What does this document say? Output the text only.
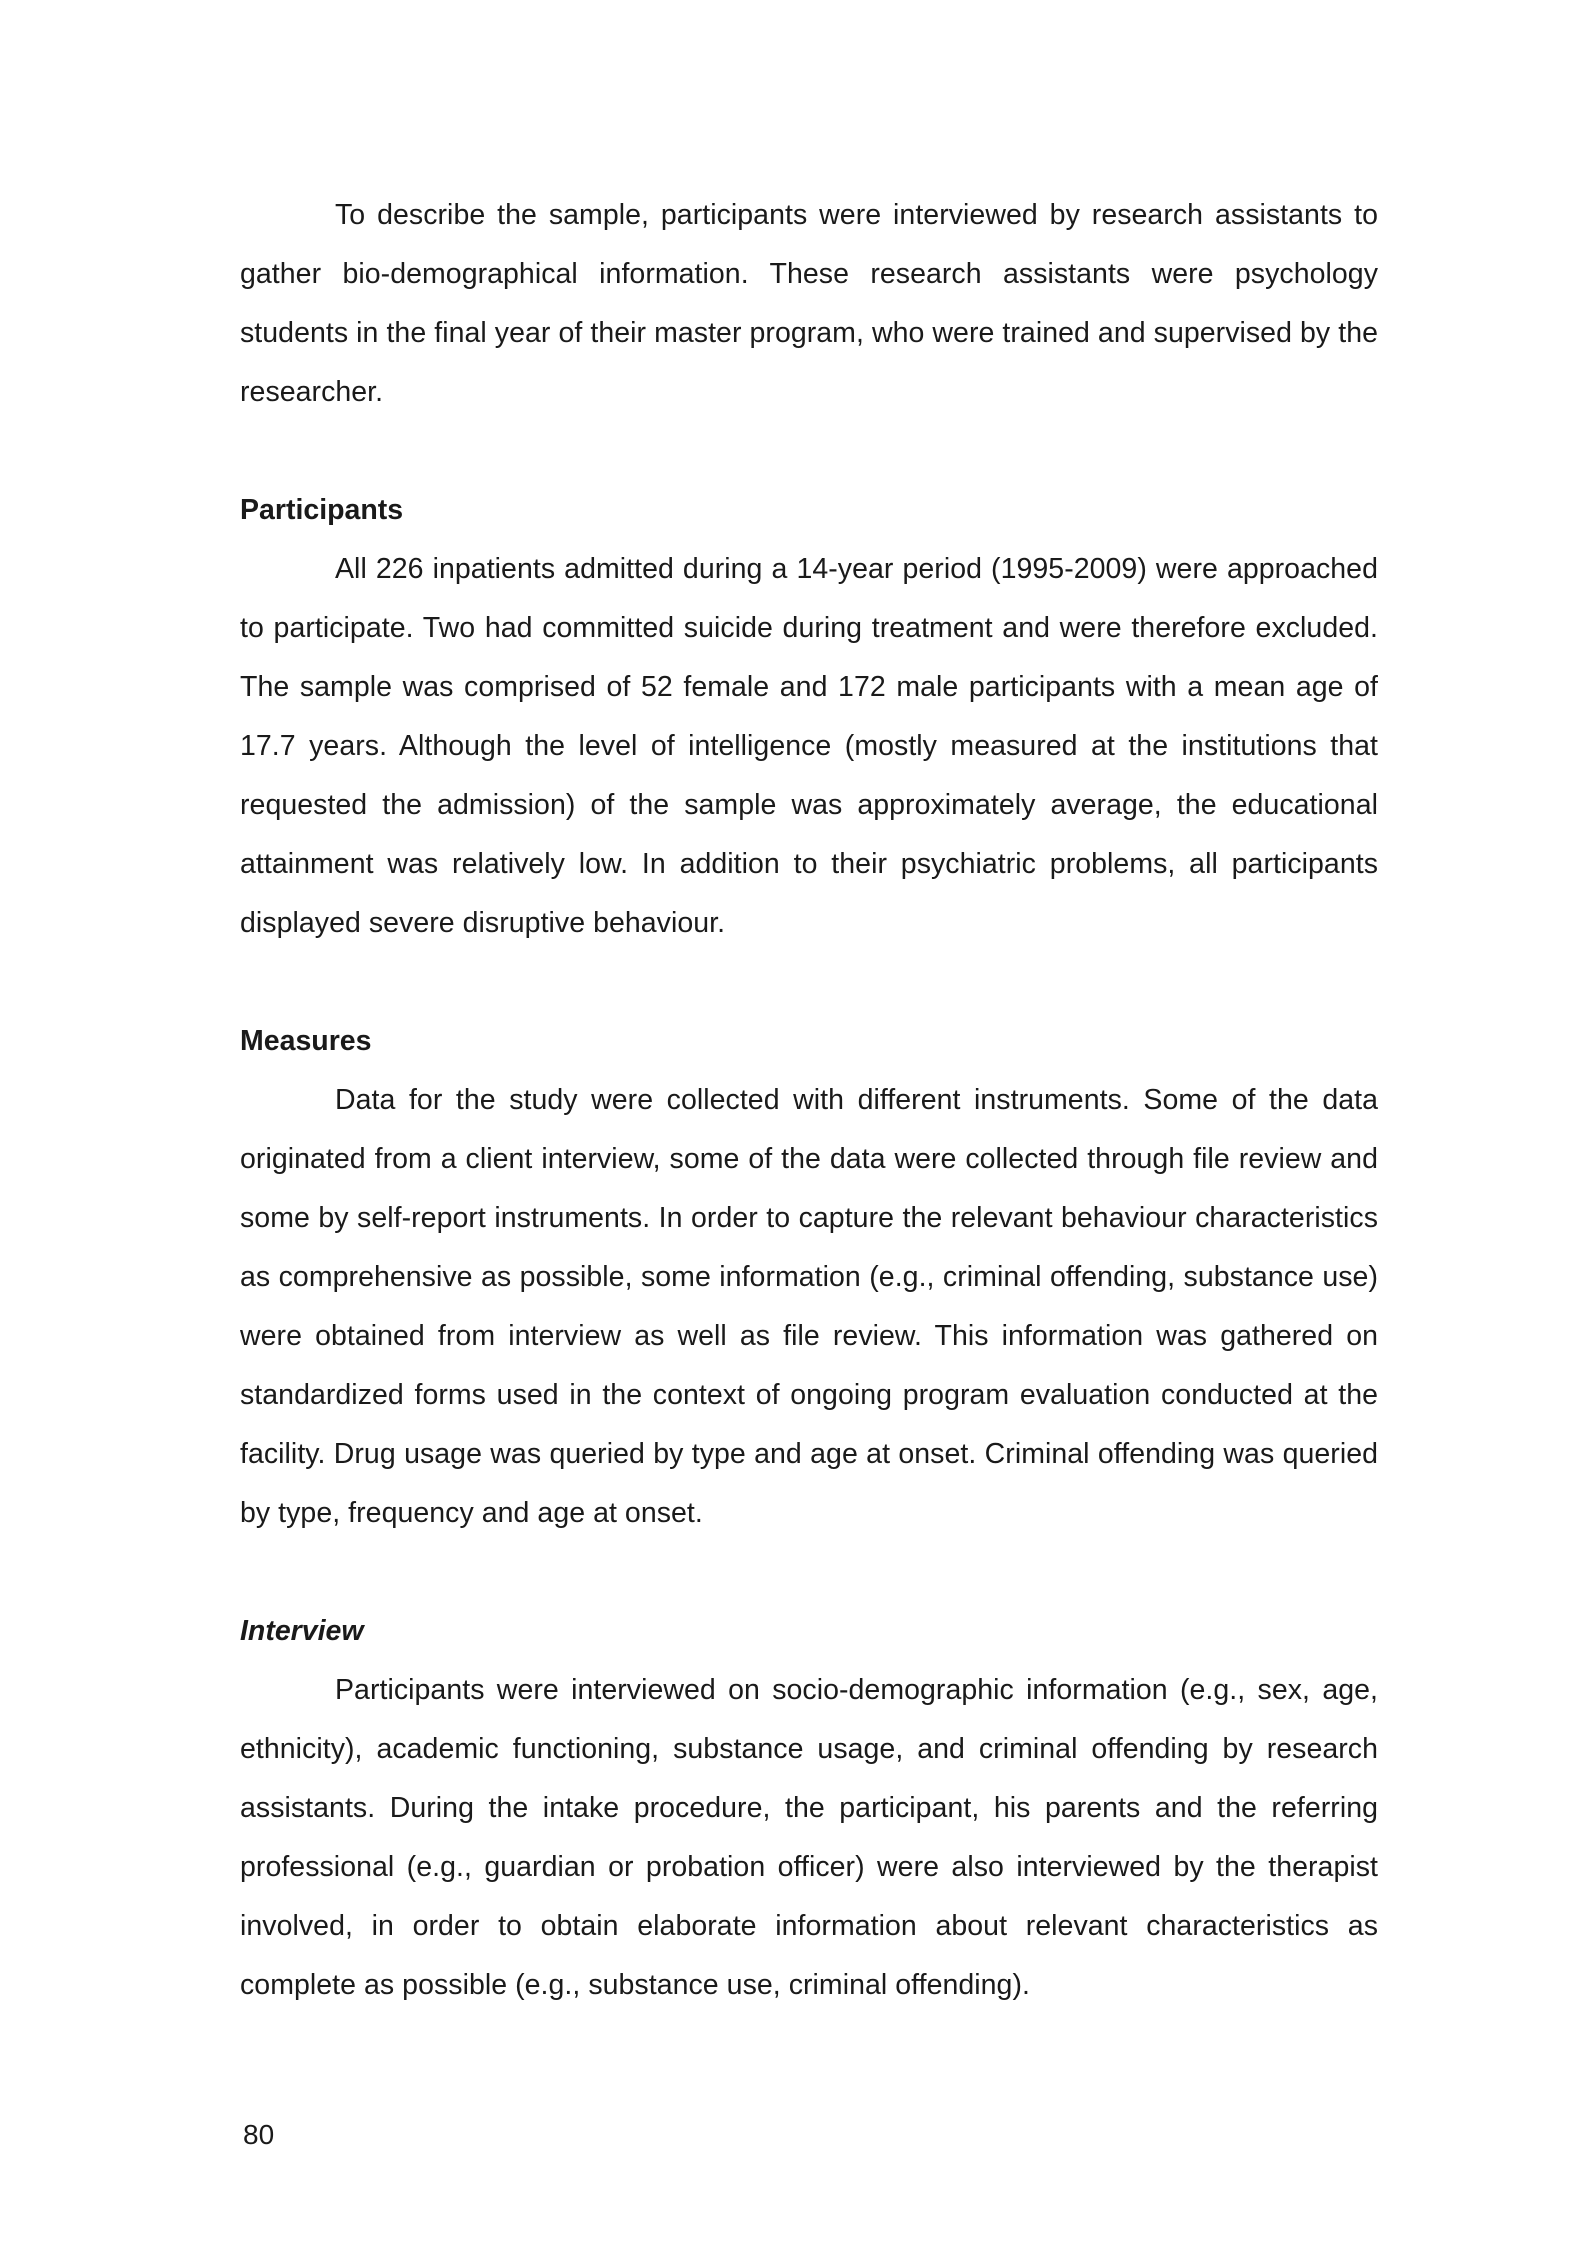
To describe the sample, participants were interviewed by research assistants to gather bio-demographical information. These research assistants were psychology students in the final year of their master program, who were trained and supervised by the researcher.

Participants

All 226 inpatients admitted during a 14-year period (1995-2009) were approached to participate. Two had committed suicide during treatment and were therefore excluded. The sample was comprised of 52 female and 172 male participants with a mean age of 17.7 years. Although the level of intelligence (mostly measured at the institutions that requested the admission) of the sample was approximately average, the educational attainment was relatively low. In addition to their psychiatric problems, all participants displayed severe disruptive behaviour.

Measures

Data for the study were collected with different instruments. Some of the data originated from a client interview, some of the data were collected through file review and some by self-report instruments. In order to capture the relevant behaviour characteristics as comprehensive as possible, some information (e.g., criminal offending, substance use) were obtained from interview as well as file review. This information was gathered on standardized forms used in the context of ongoing program evaluation conducted at the facility. Drug usage was queried by type and age at onset. Criminal offending was queried by type, frequency and age at onset.

Interview

Participants were interviewed on socio-demographic information (e.g., sex, age, ethnicity), academic functioning, substance usage, and criminal offending by research assistants. During the intake procedure, the participant, his parents and the referring professional (e.g., guardian or probation officer) were also interviewed by the therapist involved, in order to obtain elaborate information about relevant characteristics as complete as possible (e.g., substance use, criminal offending).

80
